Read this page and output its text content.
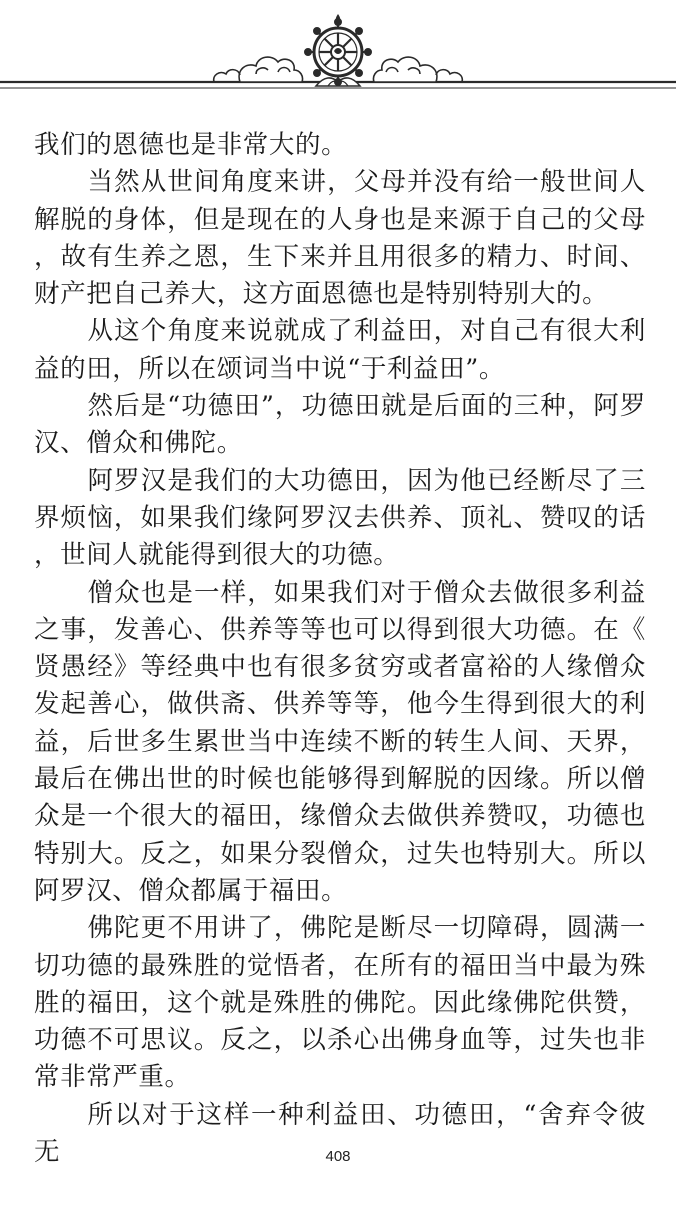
我们的恩德也是非常大的。

当然从世间角度来讲，父母并没有给一般世间人解脱的身体，但是现在的人身也是来源于自己的父母，故有生养之恩，生下来并且用很多的精力、时间、财产把自己养大，这方面恩德也是特别特别大的。

从这个角度来说就成了利益田，对自己有很大利益的田，所以在颂词当中说“于利益田”。

然后是“功德田”，功德田就是后面的三种，阿罗汉、僧众和佛陀。

阿罗汉是我们的大功德田，因为他已经断尽了三界烦恼，如果我们缘阿罗汉去供养、顶礼、赞叹的话，世间人就能得到很大的功德。

僧众也是一样，如果我们对于僧众去做很多利益之事，发善心、供养等等也可以得到很大功德。在《贤愚经》等经典中也有很多贫穷或者富裕的人缘僧众发起善心，做供斋、供养等等，他今生得到很大的利益，后世多生累世当中连续不断的转生人间、天界，最后在佛出世的时候也能够得到解脱的因缘。所以僧众是一个很大的福田，缘僧众去做供养赞叹，功德也特别大。反之，如果分裂僧众，过失也特别大。所以阿罗汉、僧众都属于福田。

佛陀更不用讲了，佛陀是断尽一切障碍，圆满一切功德的最殊胜的觉悟者，在所有的福田当中最为殊胜的福田，这个就是殊胜的佛陀。因此缘佛陀供赞，功德不可思议。反之，以杀心出佛身血等，过失也非常非常严重。

所以对于这样一种利益田、功德田，“舍弃令彼无	408
